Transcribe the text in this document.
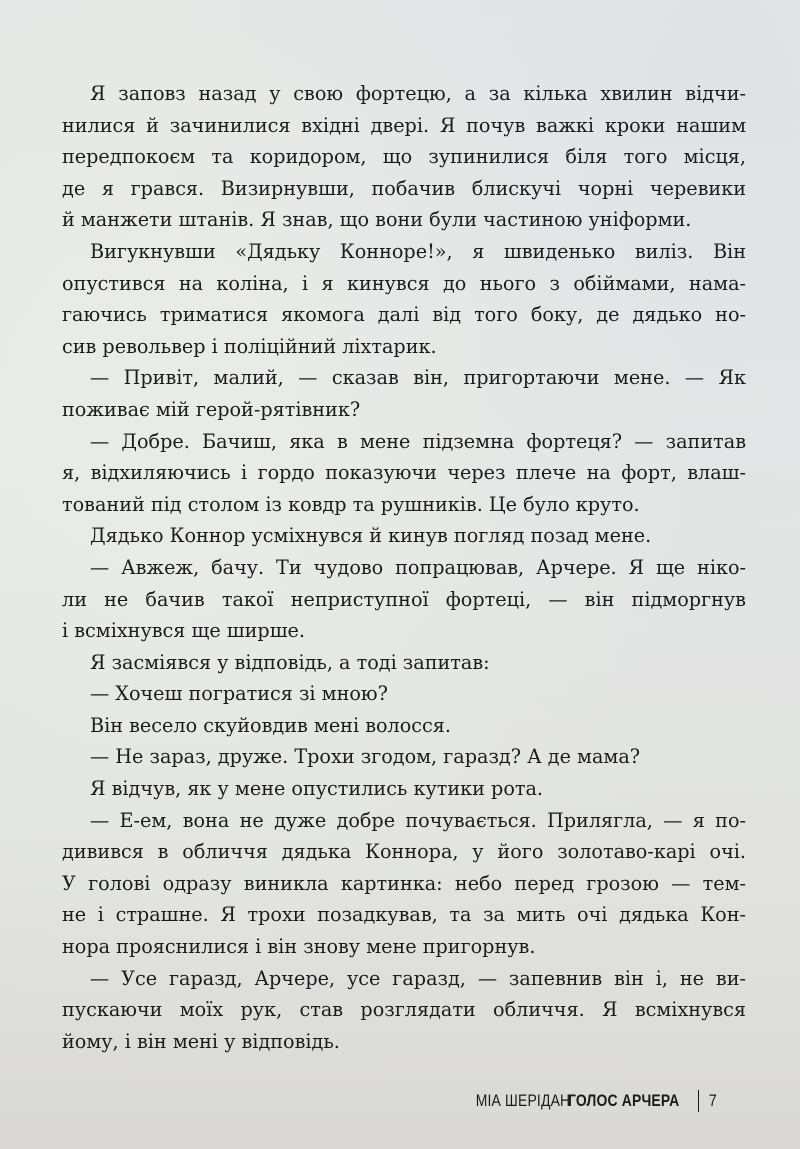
Я заповз назад у свою фортецю, а за кілька хвилин відчи-
нилися й зачинилися вхідні двері. Я почув важкі кроки нашим
передпокоєм та коридором, що зупинилися біля того місця,
де я грався. Визирнувши, побачив блискучі чорні черевики
й манжети штанів. Я знав, що вони були частиною уніформи.
Вигукнувши «Дядьку Конноре!», я швиденько виліз. Він
опустився на коліна, і я кинувся до нього з обіймами, нама-
гаючись триматися якомога далі від того боку, де дядько но-
сив револьвер і поліційний ліхтарик.
— Привіт, малий, — сказав він, пригортаючи мене. — Як
поживає мій герой-рятівник?
— Добре. Бачиш, яка в мене підземна фортеця? — запитав
я, відхиляючись і гордо показуючи через плече на форт, влаш-
тований під столом із ковдр та рушників. Це було круто.
Дядько Коннор усміхнувся й кинув погляд позад мене.
— Авжеж, бачу. Ти чудово попрацював, Арчере. Я ще ніко-
ли не бачив такої неприступної фортеці, — він підморгнув
і всміхнувся ще ширше.
Я засміявся у відповідь, а тоді запитав:
— Хочеш погратися зі мною?
Він весело скуйовдив мені волосся.
— Не зараз, друже. Трохи згодом, гаразд? А де мама?
Я відчув, як у мене опустились кутики рота.
— Е-ем, вона не дуже добре почувається. Прилягла, — я по-
дивився в обличчя дядька Коннора, у його золотаво-карі очі.
У голові одразу виникла картинка: небо перед грозою — тем-
не і страшне. Я трохи позадкував, та за мить очі дядька Кон-
нора прояснилися і він знову мене пригорнув.
— Усе гаразд, Арчере, усе гаразд, — запевнив він і, не ви-
пускаючи моїх рук, став розглядати обличчя. Я всміхнувся
йому, і він мені у відповідь.
МІА ШЕРІДАН
ГОЛОС АРЧЕРА 7
